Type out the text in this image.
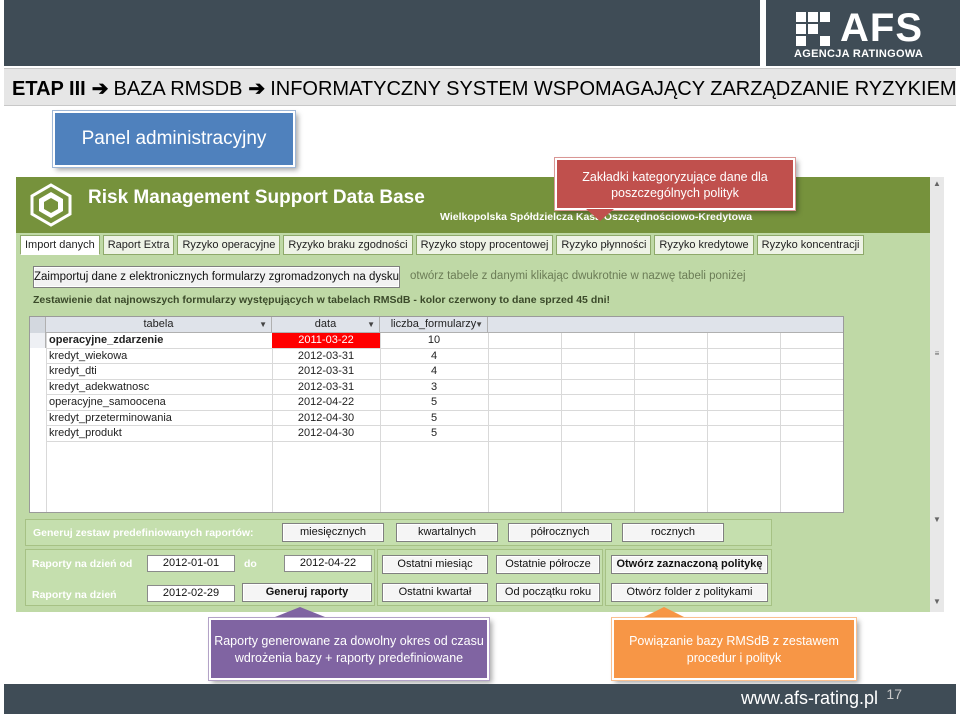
AFS
AGENCJA RATINGOWA
ETAP III ➔ BAZA RMSDB ➔ INFORMATYCZNY SYSTEM WSPOMAGAJĄCY ZARZĄDZANIE RYZYKIEM
Panel administracyjny
Risk Management Support Data Base
Wielkopolska Spółdzielcza Kasa Oszczędnościowo-Kredytowa
Import danych	Raport Extra	Ryzyko operacyjne	Ryzyko braku zgodności	Ryzyko stopy procentowej	Ryzyko płynności	Ryzyko kredytowe	Ryzyko koncentracji
Zaimportuj dane z elektronicznych formularzy zgromadzonych na dysku otwórz tabele z danymi klikając dwukrotnie w nazwę tabeli poniżej
Zestawienie dat najnowszych formularzy występujących w tabelach RMSdB - kolor czerwony to dane sprzed 45 dni!
tabela	▼	data	▼	liczba_formularzy
▼
operacyjne_zdarzenie	2011-03-22	10
kredyt_wiekowa	2012-03-31	4
kredyt_dti	2012-03-31	4
kredyt_adekwatnosc	2012-03-31	3
operacyjne_samoocena	2012-04-22	5
kredyt_przeterminowania	2012-04-30	5
kredyt_produkt	2012-04-30	5
Generuj zestaw predefiniowanych raportów:	miesięcznych	kwartalnych	półrocznych	rocznych
Raporty na dzień od	2012-01-01	do	2012-04-22
Raporty na dzień	2012-02-29	Generuj raporty
Ostatni miesiąc	Ostatnie półrocze
Ostatni kwartał	Od początku roku
Otwórz zaznaczoną politykę
Otwórz folder z politykami
▲
≡
▼
▼
Zakładki kategoryzujące dane dla
poszczególnych polityk
Raporty generowane za dowolny okres od czasu
wdrożenia bazy + raporty predefiniowane
Powiązanie bazy RMSdB z zestawem
procedur i polityk
www.afs-rating.pl 17
